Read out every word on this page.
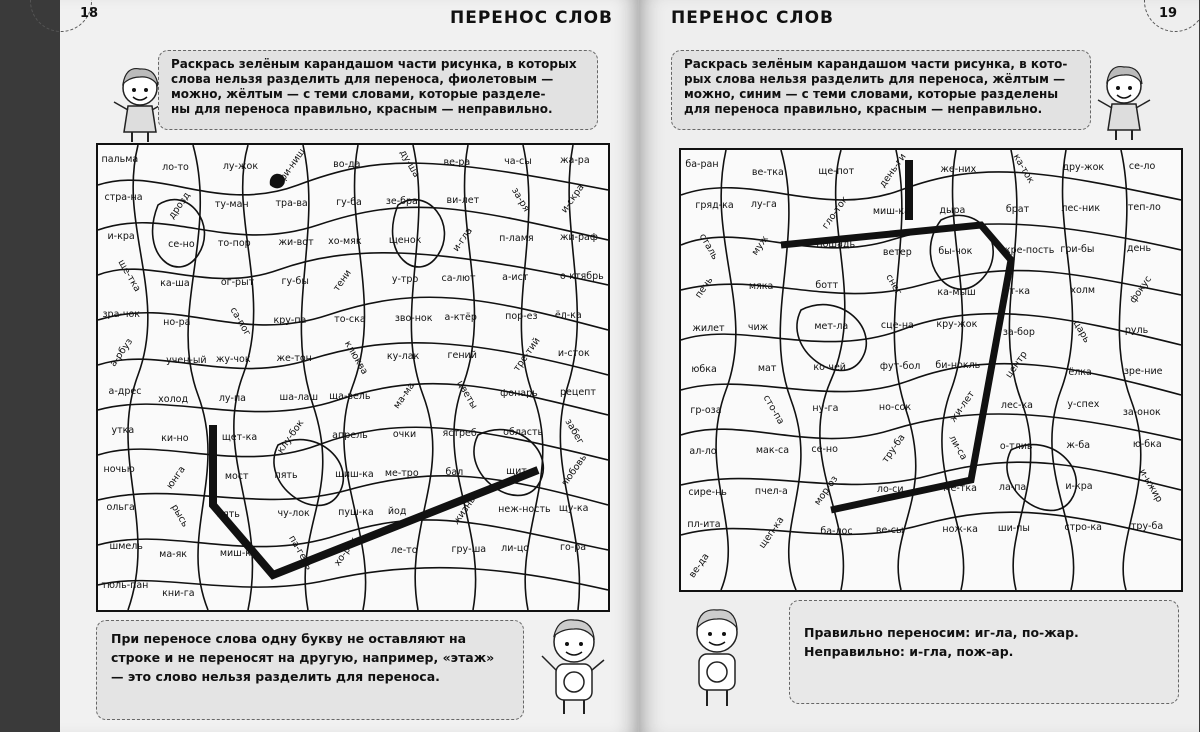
18	ПЕРЕНОС СЛОВ
Раскрась зелёным карандашом части рисунка, в которых
слова нельзя разделить для переноса, фиолетовым —
можно, жёлтым — с теми словами, которые разделе-
ны для переноса правильно, красным — неправильно.
пальма
ло-то	лу-жок фи-ниш	во-да	ду-ша ве-ра	ча-сы	жа-ра
стра-на	дрозд ту-ман	тра-ва	гу-ба	зе-бра	ви-лет	за-ря	и-скра
и-кра
се-но то-пор	жи-вот хо-мяк	щенок	и-гла	п-ламя	жи-раф
ще-тка ка-ша	ог-рыт	гу-бы тени	у-тро са-лют	а-ист	о-ктябрь
зра-чок
но-ра	са-пог кру-па	то-ска	зво-нок а-ктёр	пор-ез ёл-ка
а-рбуз	учен-ый жу-чок	же-тон	клюква ку-лак	гений	тре-тий и-сток
а-дрес
холод	лу-па	ша-лаш ща-вель ма-ма	цветы фонарь рецепт
утка
ки-но	щет-ка клу-бок	апрель	очки	ястреб	область забег
ночью	юнга	мост	пять	шиш-ка ме-тро	бал	щит	любовь
ольга	рысь	пять	чу-лок	пуш-ка йод	жизнь неж-ность щу-ка
шмель
ма-як	миш-ка	па-герь хо-рек	ле-то	гру-ша ли-цо	го-ра
тюль-пан
кни-га
При переносе слова одну букву не оставляют на строке и не переносят на другую, например, «этаж» — это слово нельзя разделить для переноса.
19
ПЕРЕНОС СЛОВ
Раскрась зелёным карандашом части рисунка, в кото-
рых слова нельзя разделить для переноса, жёлтым —
можно, синим — с теми словами, которые разделены
для переноса правильно, красным — неправильно.
ба-ран
ве-тка	ще-пот день-ги	же-них	ка-ток	дру-жок	се-ло
гряд-ка лу-га	гло-ток миш-ка	дыра	брат	лес-ник	теп-ло
сталь	муж	пошадь
ветер	бы-чок	кре-пость гри-бы	день
печь	мяка	ботт	снег	ка-мыш	ут-ка	холм	фокус
жилет чиж	мет-ла	сце-на кру-жок
за-бор	царь	руль
юбка	мат	ко-чей	фут-бол би-нокль центр	ёлка	зре-ние
гр-оза	сто-па	ну-га	но-сок	жи-лет лес-ка	у-спех
за-онок
ал-ло	мак-са се-но	тру-ба	ли-са	о-тлив	ж-ба	ю-бка
сире-нь	пчел-а	мор-оз	ло-си	ме-тка ла-па	и-кра	и-нжир
пл-ита	щеп-ка	ба-лос ве-сы	нож-ка ши-пы	стро-ка	тру-ба
ве-да
Правильно переносим: иг-ла, по-жар.
Неправильно: и-гла, пож-ар.
